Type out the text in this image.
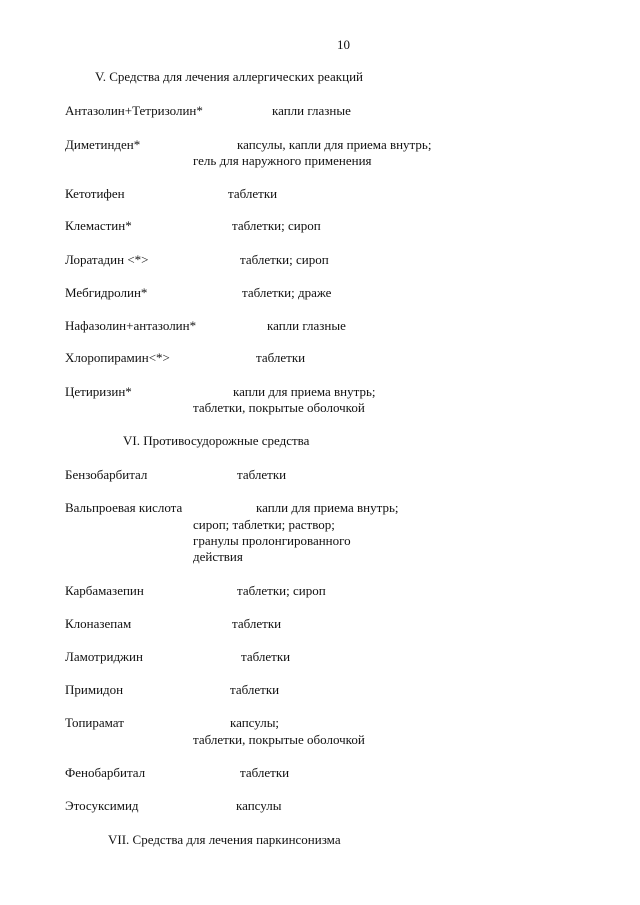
10
V. Средства для лечения аллергических реакций
Антазолин+Тетризолин*	капли глазные
Диметинден*	капсулы, капли для приема внутрь;
гель для наружного применения
Кетотифен	таблетки
Клемастин*	таблетки; сироп
Лоратадин <*>	таблетки; сироп
Мебгидролин*	таблетки; драже
Нафазолин+антазолин*	капли глазные
Хлоропирамин<*>	таблетки
Цетиризин*	капли для приема внутрь;
таблетки, покрытые оболочкой
VI. Противосудорожные средства
Бензобарбитал	таблетки
Вальпроевая кислота	капли для приема внутрь;
сироп; таблетки; раствор;
гранулы пролонгированного
действия
Карбамазепин	таблетки; сироп
Клоназепам	таблетки
Ламотриджин	таблетки
Примидон	таблетки
Топирамат	капсулы;
таблетки, покрытые оболочкой
Фенобарбитал	таблетки
Этосуксимид	капсулы
VII. Средства для лечения паркинсонизма
